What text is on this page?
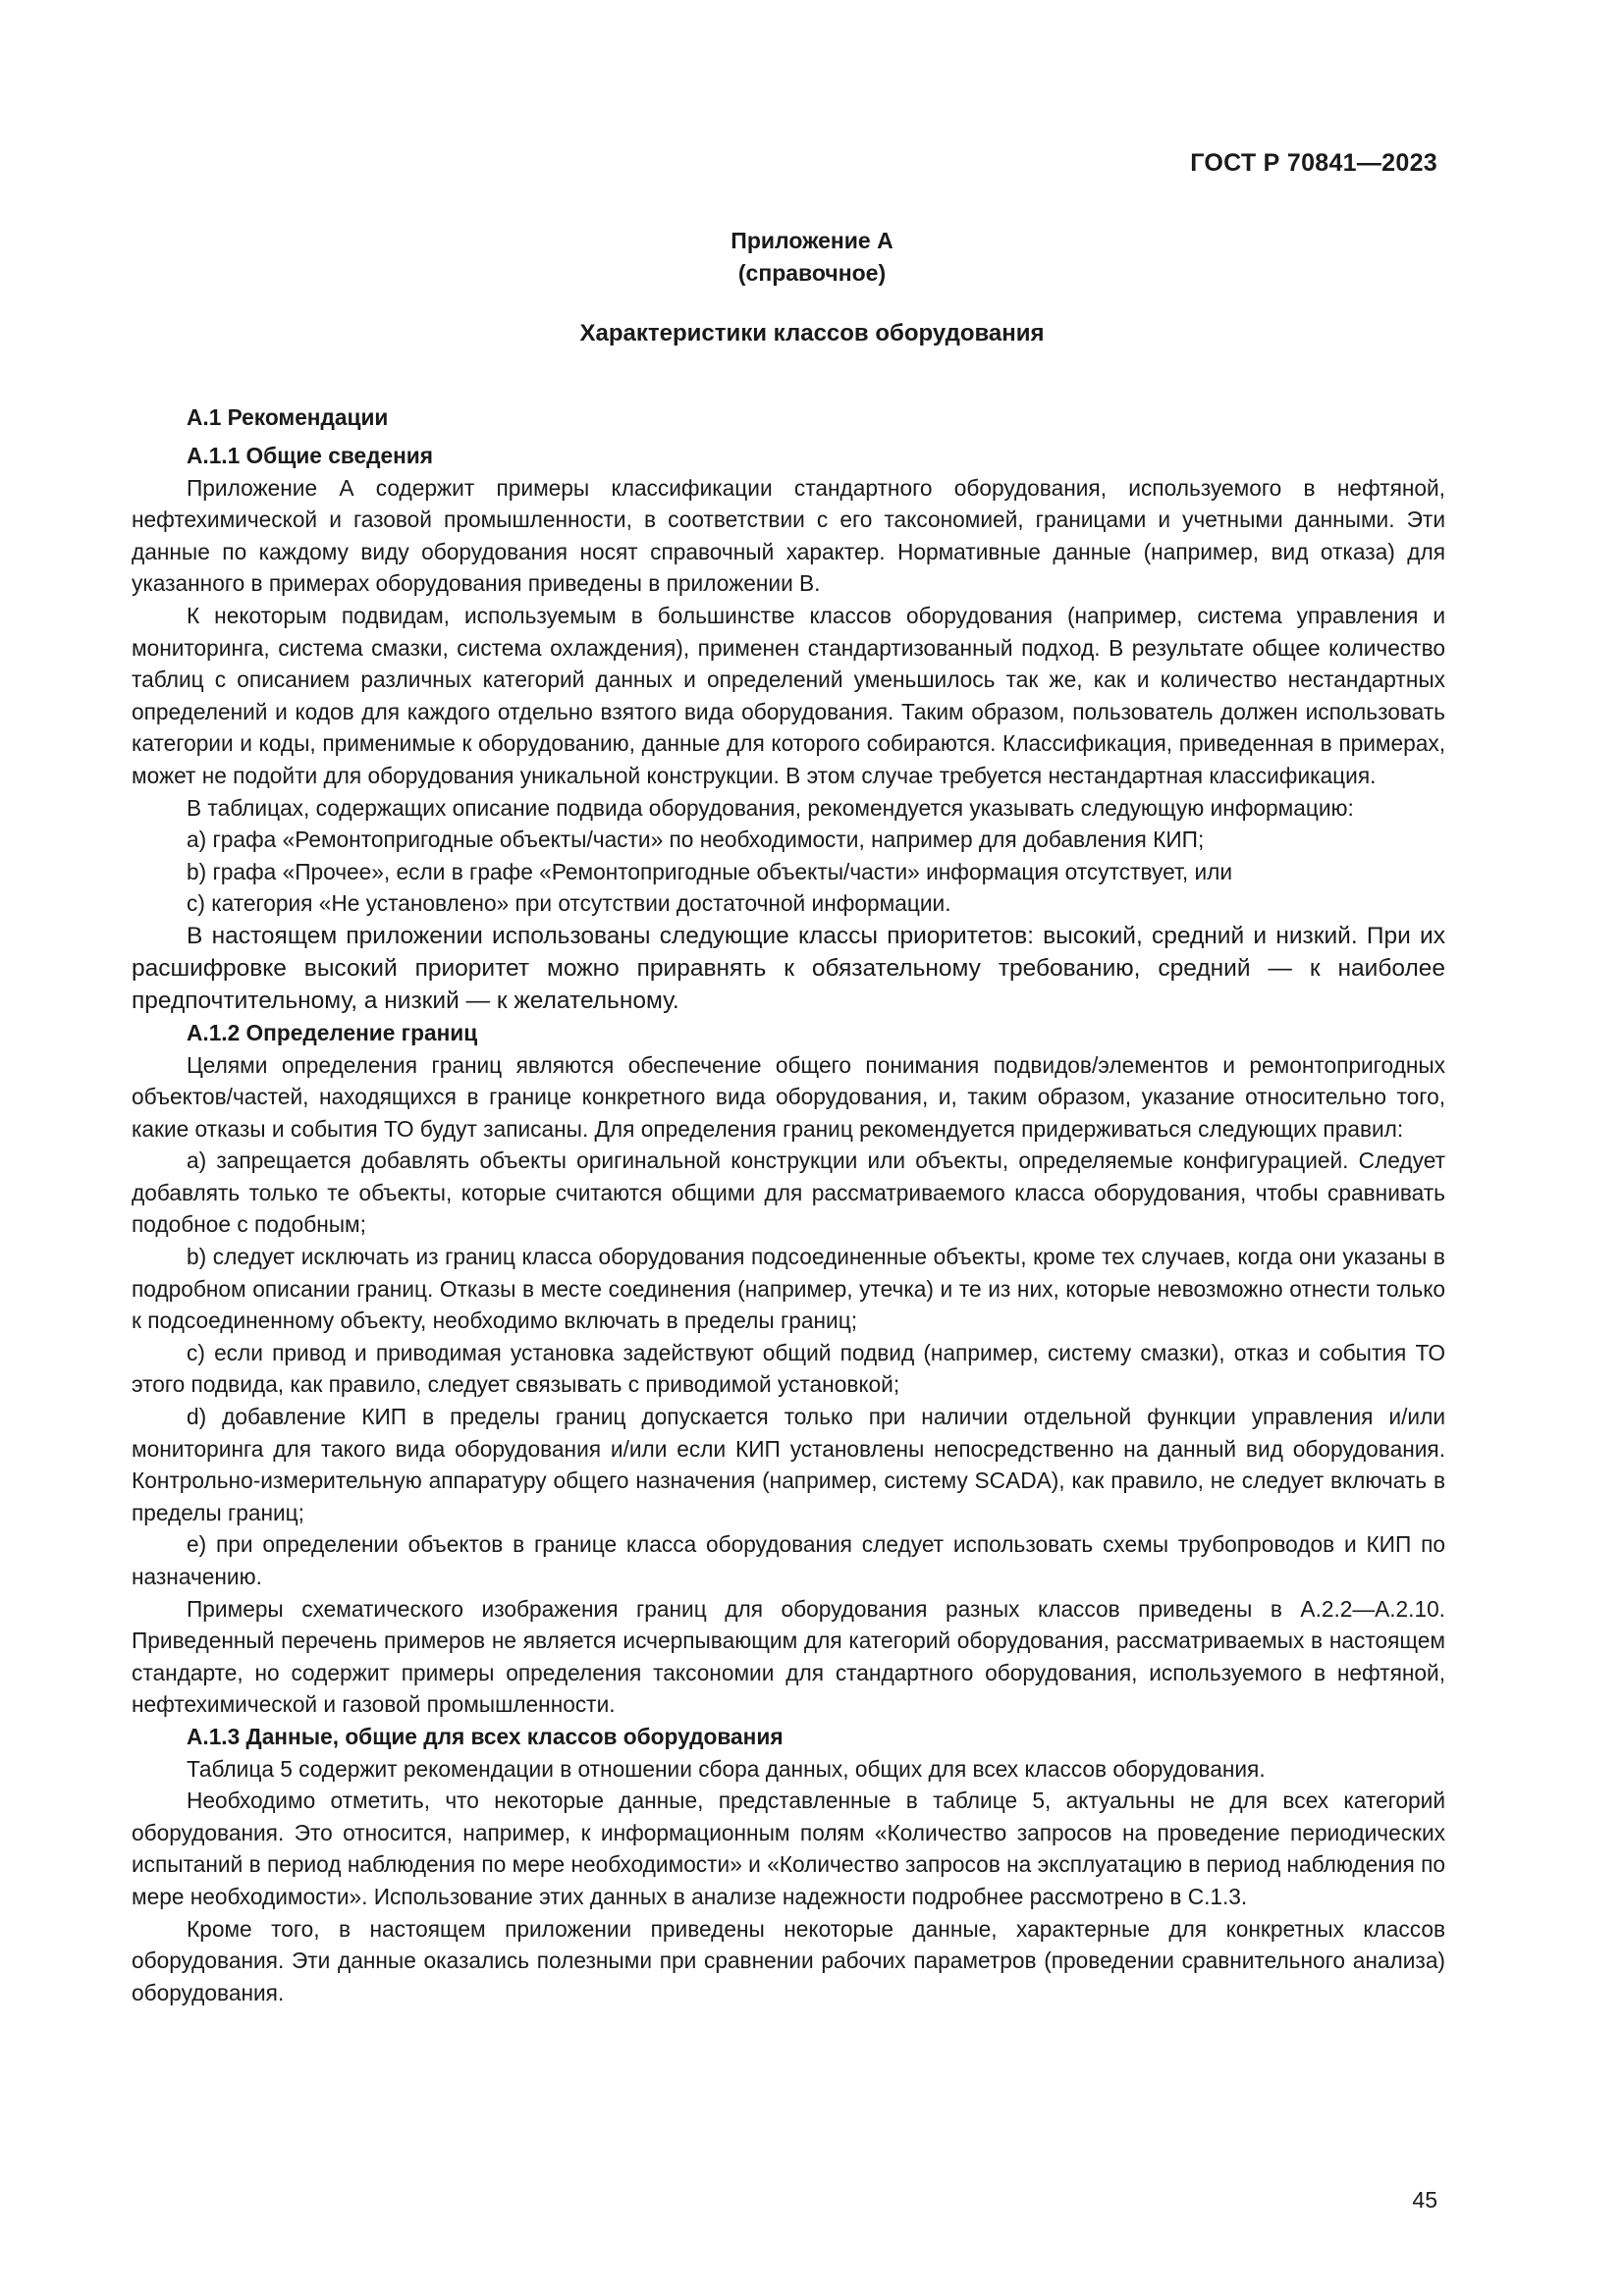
ГОСТ Р 70841—2023
Приложение А
(справочное)
Характеристики классов оборудования
А.1 Рекомендации
А.1.1 Общие сведения

Приложение А содержит примеры классификации стандартного оборудования, используемого в нефтяной, нефтехимической и газовой промышленности, в соответствии с его таксономией, границами и учетными данными. Эти данные по каждому виду оборудования носят справочный характер. Нормативные данные (например, вид отказа) для указанного в примерах оборудования приведены в приложении В.

К некоторым подвидам, используемым в большинстве классов оборудования (например, система управления и мониторинга, система смазки, система охлаждения), применен стандартизованный подход. В результате общее количество таблиц с описанием различных категорий данных и определений уменьшилось так же, как и количество нестандартных определений и кодов для каждого отдельно взятого вида оборудования. Таким образом, пользователь должен использовать категории и коды, применимые к оборудованию, данные для которого собираются. Классификация, приведенная в примерах, может не подойти для оборудования уникальной конструкции. В этом случае требуется нестандартная классификация.

В таблицах, содержащих описание подвида оборудования, рекомендуется указывать следующую информацию:

a) графа «Ремонтопригодные объекты/части» по необходимости, например для добавления КИП;

b) графа «Прочее», если в графе «Ремонтопригодные объекты/части» информация отсутствует, или

c) категория «Не установлено» при отсутствии достаточной информации.

В настоящем приложении использованы следующие классы приоритетов: высокий, средний и низкий. При их расшифровке высокий приоритет можно приравнять к обязательному требованию, средний — к наиболее предпочтительному, а низкий — к желательному.

А.1.2 Определение границ

Целями определения границ являются обеспечение общего понимания подвидов/элементов и ремонтопригодных объектов/частей, находящихся в границе конкретного вида оборудования, и, таким образом, указание относительно того, какие отказы и события ТО будут записаны. Для определения границ рекомендуется придерживаться следующих правил:

a) запрещается добавлять объекты оригинальной конструкции или объекты, определяемые конфигурацией. Следует добавлять только те объекты, которые считаются общими для рассматриваемого класса оборудования, чтобы сравнивать подобное с подобным;

b) следует исключать из границ класса оборудования подсоединенные объекты, кроме тех случаев, когда они указаны в подробном описании границ. Отказы в месте соединения (например, утечка) и те из них, которые невозможно отнести только к подсоединенному объекту, необходимо включать в пределы границ;

c) если привод и приводимая установка задействуют общий подвид (например, систему смазки), отказ и события ТО этого подвида, как правило, следует связывать с приводимой установкой;

d) добавление КИП в пределы границ допускается только при наличии отдельной функции управления и/или мониторинга для такого вида оборудования и/или если КИП установлены непосредственно на данный вид оборудования. Контрольно-измерительную аппаратуру общего назначения (например, систему SCADA), как правило, не следует включать в пределы границ;

e) при определении объектов в границе класса оборудования следует использовать схемы трубопроводов и КИП по назначению.

Примеры схематического изображения границ для оборудования разных классов приведены в А.2.2—А.2.10. Приведенный перечень примеров не является исчерпывающим для категорий оборудования, рассматриваемых в настоящем стандарте, но содержит примеры определения таксономии для стандартного оборудования, используемого в нефтяной, нефтехимической и газовой промышленности.

А.1.3 Данные, общие для всех классов оборудования

Таблица 5 содержит рекомендации в отношении сбора данных, общих для всех классов оборудования.

Необходимо отметить, что некоторые данные, представленные в таблице 5, актуальны не для всех категорий оборудования. Это относится, например, к информационным полям «Количество запросов на проведение периодических испытаний в период наблюдения по мере необходимости» и «Количество запросов на эксплуатацию в период наблюдения по мере необходимости». Использование этих данных в анализе надежности подробнее рассмотрено в С.1.3.

Кроме того, в настоящем приложении приведены некоторые данные, характерные для конкретных классов оборудования. Эти данные оказались полезными при сравнении рабочих параметров (проведении сравнительного анализа) оборудования.

45
